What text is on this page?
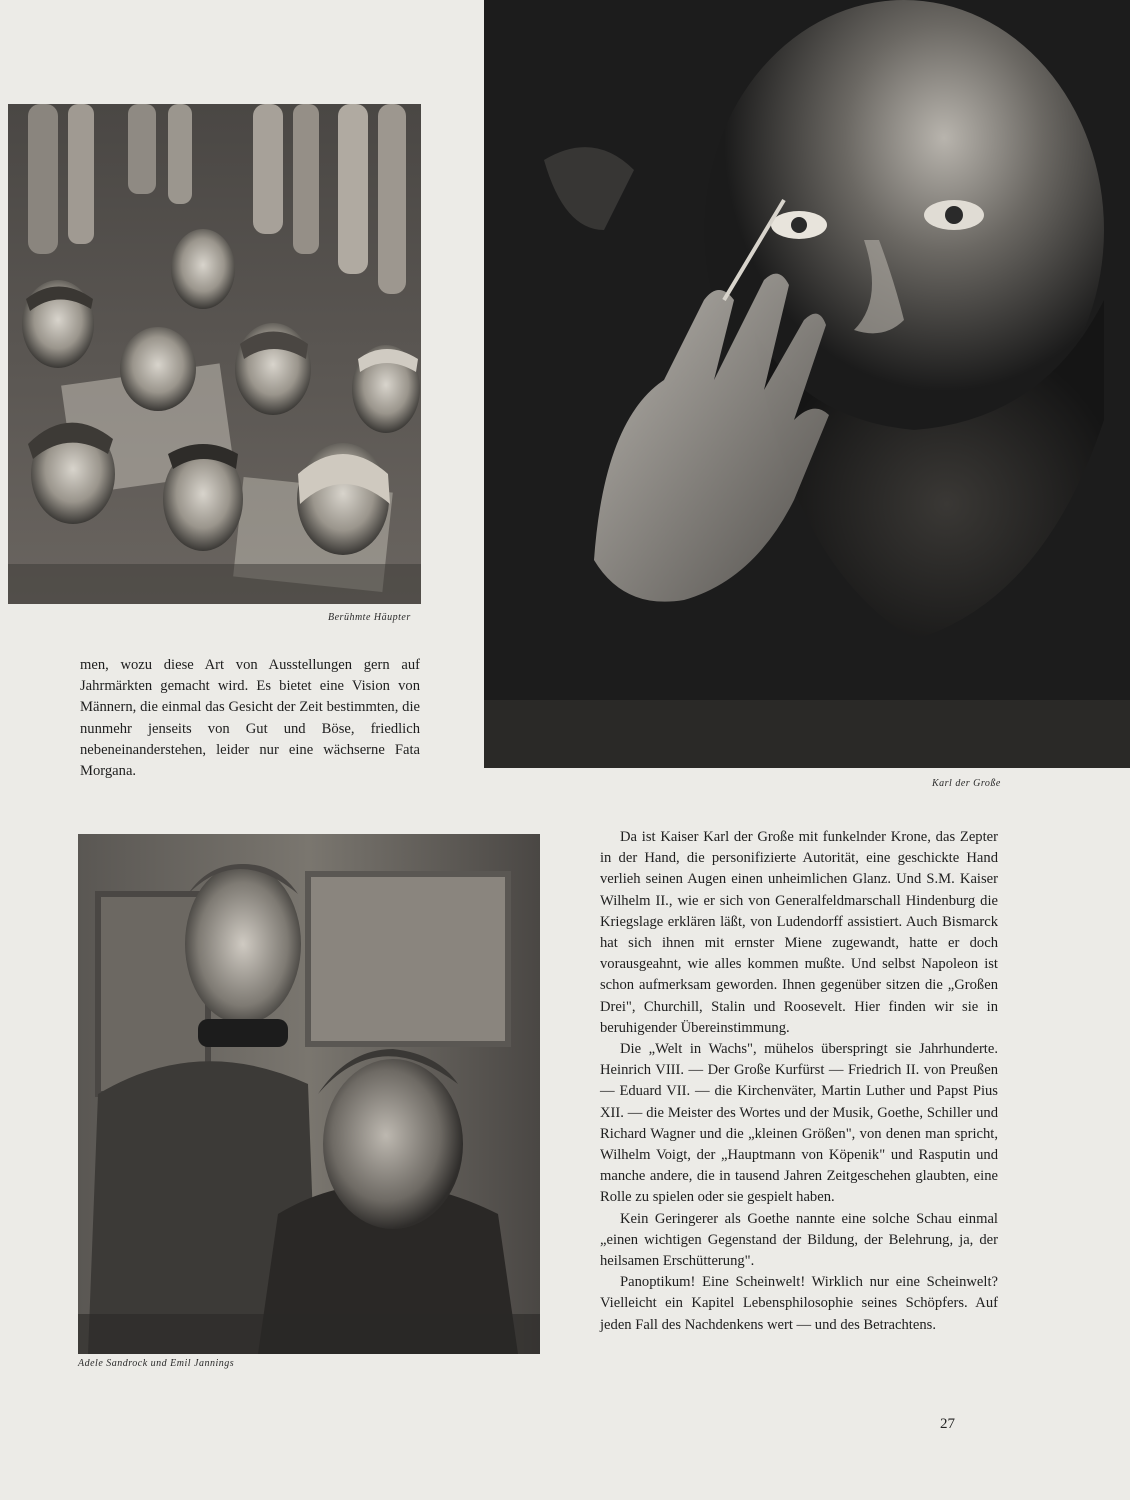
Berühmte Häupter
Karl der Große

men, wozu diese Art von Ausstellungen gern auf Jahrmärkten gemacht wird. Es bietet eine Vision von Männern, die einmal das Gesicht der Zeit bestimmten, die nunmehr jenseits von Gut und Böse, friedlich nebeneinanderstehen, leider nur eine wächserne Fata Morgana.

Adele Sandrock und Emil Jannings

Da ist Kaiser Karl der Große mit funkelnder Krone, das Zepter in der Hand, die personifizierte Autorität, eine geschickte Hand verlieh seinen Augen einen unheimlichen Glanz. Und S.M. Kaiser Wilhelm II., wie er sich von Generalfeldmarschall Hindenburg die Kriegslage erklären läßt, von Ludendorff assistiert. Auch Bismarck hat sich ihnen mit ernster Miene zugewandt, hatte er doch vorausgeahnt, wie alles kommen mußte. Und selbst Napoleon ist schon aufmerksam geworden. Ihnen gegenüber sitzen die „Großen Drei", Churchill, Stalin und Roosevelt. Hier finden wir sie in beruhigender Übereinstimmung.

Die „Welt in Wachs", mühelos überspringt sie Jahrhunderte. Heinrich VIII. — Der Große Kurfürst — Friedrich II. von Preußen — Eduard VII. — die Kirchenväter, Martin Luther und Papst Pius XII. — die Meister des Wortes und der Musik, Goethe, Schiller und Richard Wagner und die „kleinen Größen", von denen man spricht, Wilhelm Voigt, der „Hauptmann von Köpenik" und Rasputin und manche andere, die in tausend Jahren Zeitgeschehen glaubten, eine Rolle zu spielen oder sie gespielt haben.

Kein Geringerer als Goethe nannte eine solche Schau einmal „einen wichtigen Gegenstand der Bildung, der Belehrung, ja, der heilsamen Erschütterung".

Panoptikum! Eine Scheinwelt! Wirklich nur eine Scheinwelt? Vielleicht ein Kapitel Lebensphilosophie seines Schöpfers. Auf jeden Fall des Nachdenkens wert — und des Betrachtens.

27
